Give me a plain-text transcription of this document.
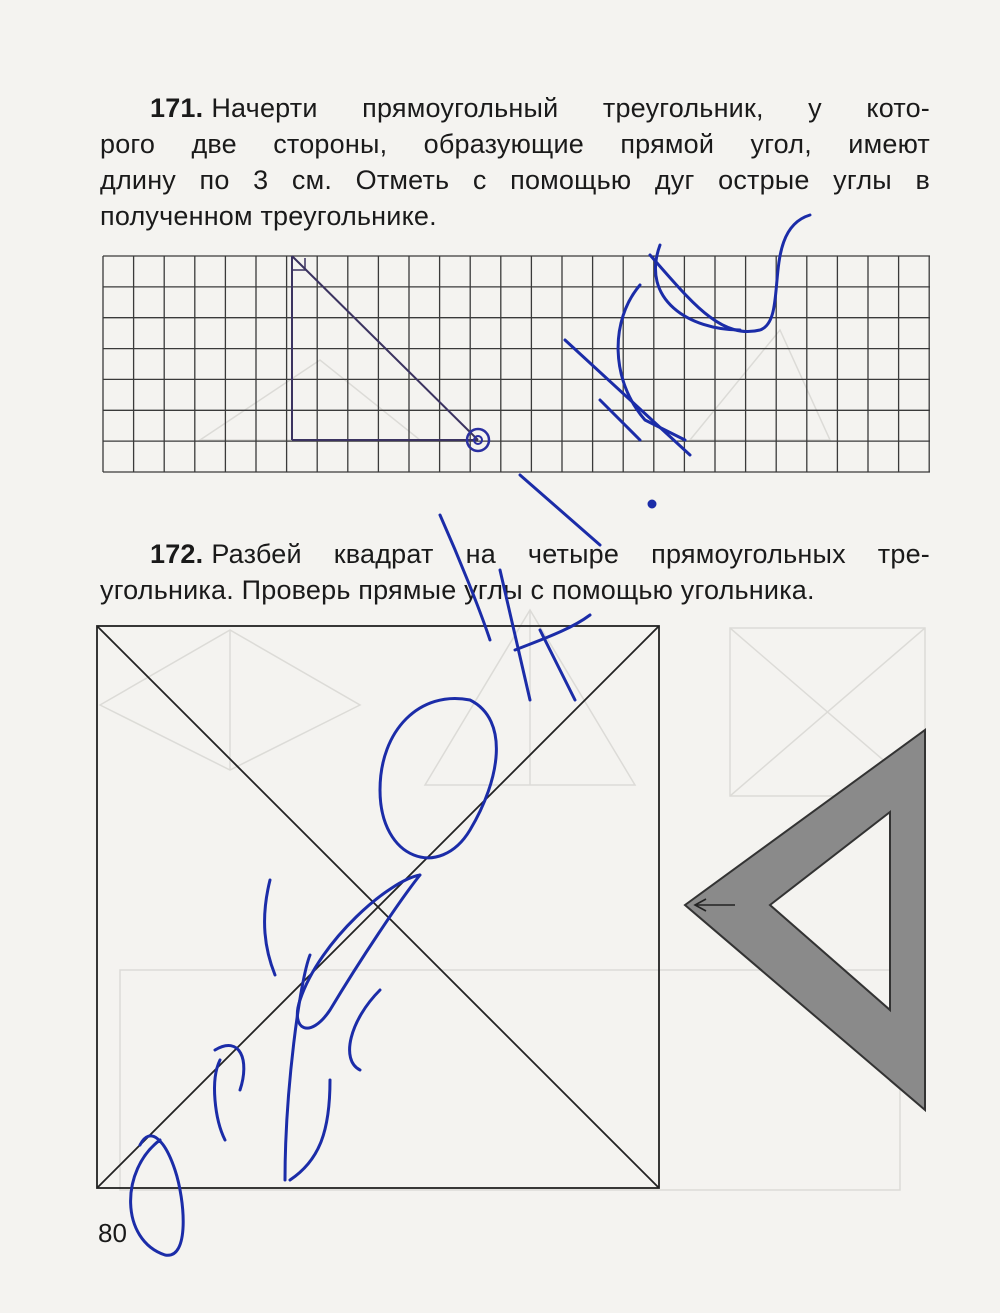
171. Начерти прямоугольный треугольник, у кото-
рого две стороны, образующие прямой угол, имеют
длину по 3 см. Отметь с помощью дуг острые углы в
полученном треугольнике.
172. Разбей квадрат на четыре прямоугольных тре-
угольника. Проверь прямые углы с помощью угольника.
80
